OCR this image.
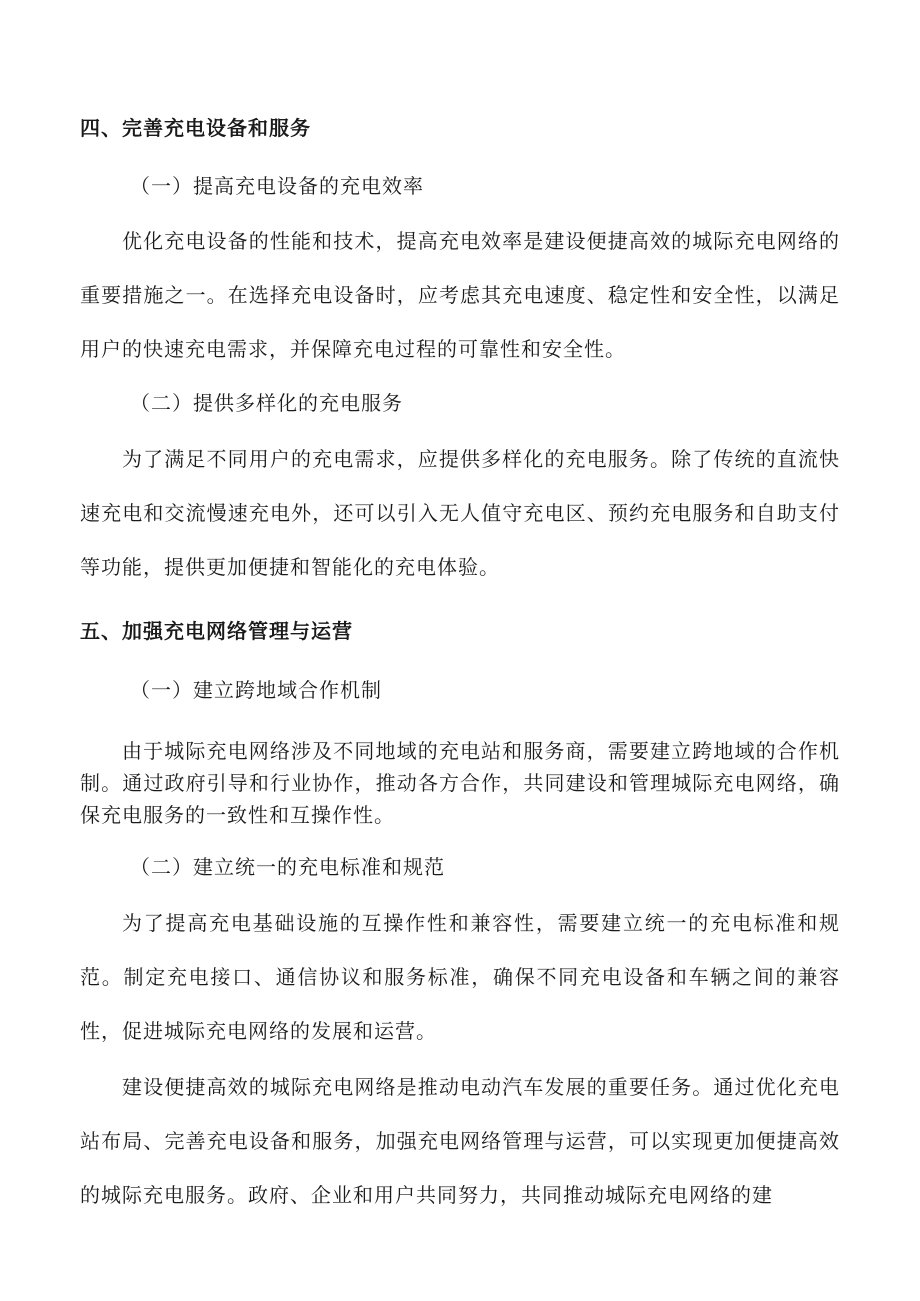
四、完善充电设备和服务
（一）提高充电设备的充电效率

优化充电设备的性能和技术，提高充电效率是建设便捷高效的城际充电网络的重要措施之一。在选择充电设备时，应考虑其充电速度、稳定性和安全性，以满足用户的快速充电需求，并保障充电过程的可靠性和安全性。

（二）提供多样化的充电服务

为了满足不同用户的充电需求，应提供多样化的充电服务。除了传统的直流快速充电和交流慢速充电外，还可以引入无人值守充电区、预约充电服务和自助支付等功能，提供更加便捷和智能化的充电体验。

五、加强充电网络管理与运营
（一）建立跨地域合作机制

由于城际充电网络涉及不同地域的充电站和服务商，需要建立跨地域的合作机制。通过政府引导和行业协作，推动各方合作，共同建设和管理城际充电网络，确保充电服务的一致性和互操作性。

（二）建立统一的充电标准和规范

为了提高充电基础设施的互操作性和兼容性，需要建立统一的充电标准和规范。制定充电接口、通信协议和服务标准，确保不同充电设备和车辆之间的兼容性，促进城际充电网络的发展和运营。

建设便捷高效的城际充电网络是推动电动汽车发展的重要任务。通过优化充电站布局、完善充电设备和服务，加强充电网络管理与运营，可以实现更加便捷高效的城际充电服务。政府、企业和用户共同努力，共同推动城际充电网络的建
